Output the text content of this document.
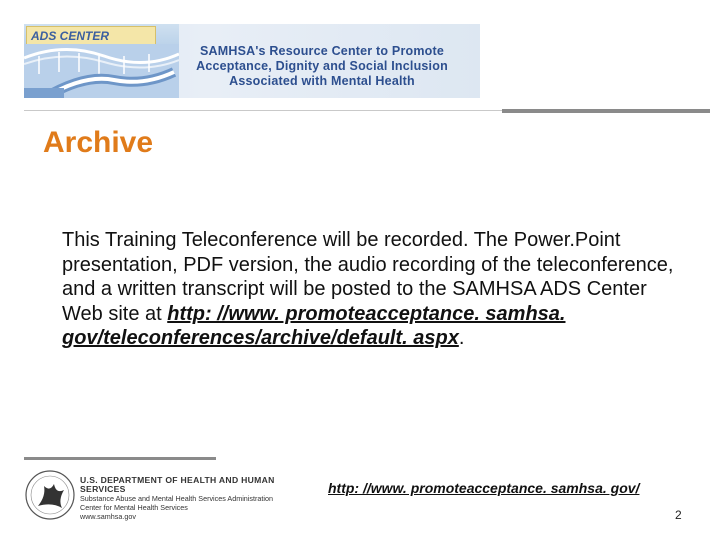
ADS CENTER
SAMHSA's Resource Center to Promote
Acceptance, Dignity and Social Inclusion
Associated with Mental Health
Archive
This Training Teleconference will be recorded. The Power.Point presentation, PDF version, the audio recording of the teleconference, and a written transcript will be posted to the SAMHSA ADS Center Web site at http: //www. promoteacceptance. samhsa. gov/teleconferences/archive/default. aspx.
U.S. DEPARTMENT OF HEALTH AND HUMAN SERVICES
Substance Abuse and Mental Health Services Administration
Center for Mental Health Services
www.samhsa.gov
http: //www. promoteacceptance. samhsa. gov/
2
